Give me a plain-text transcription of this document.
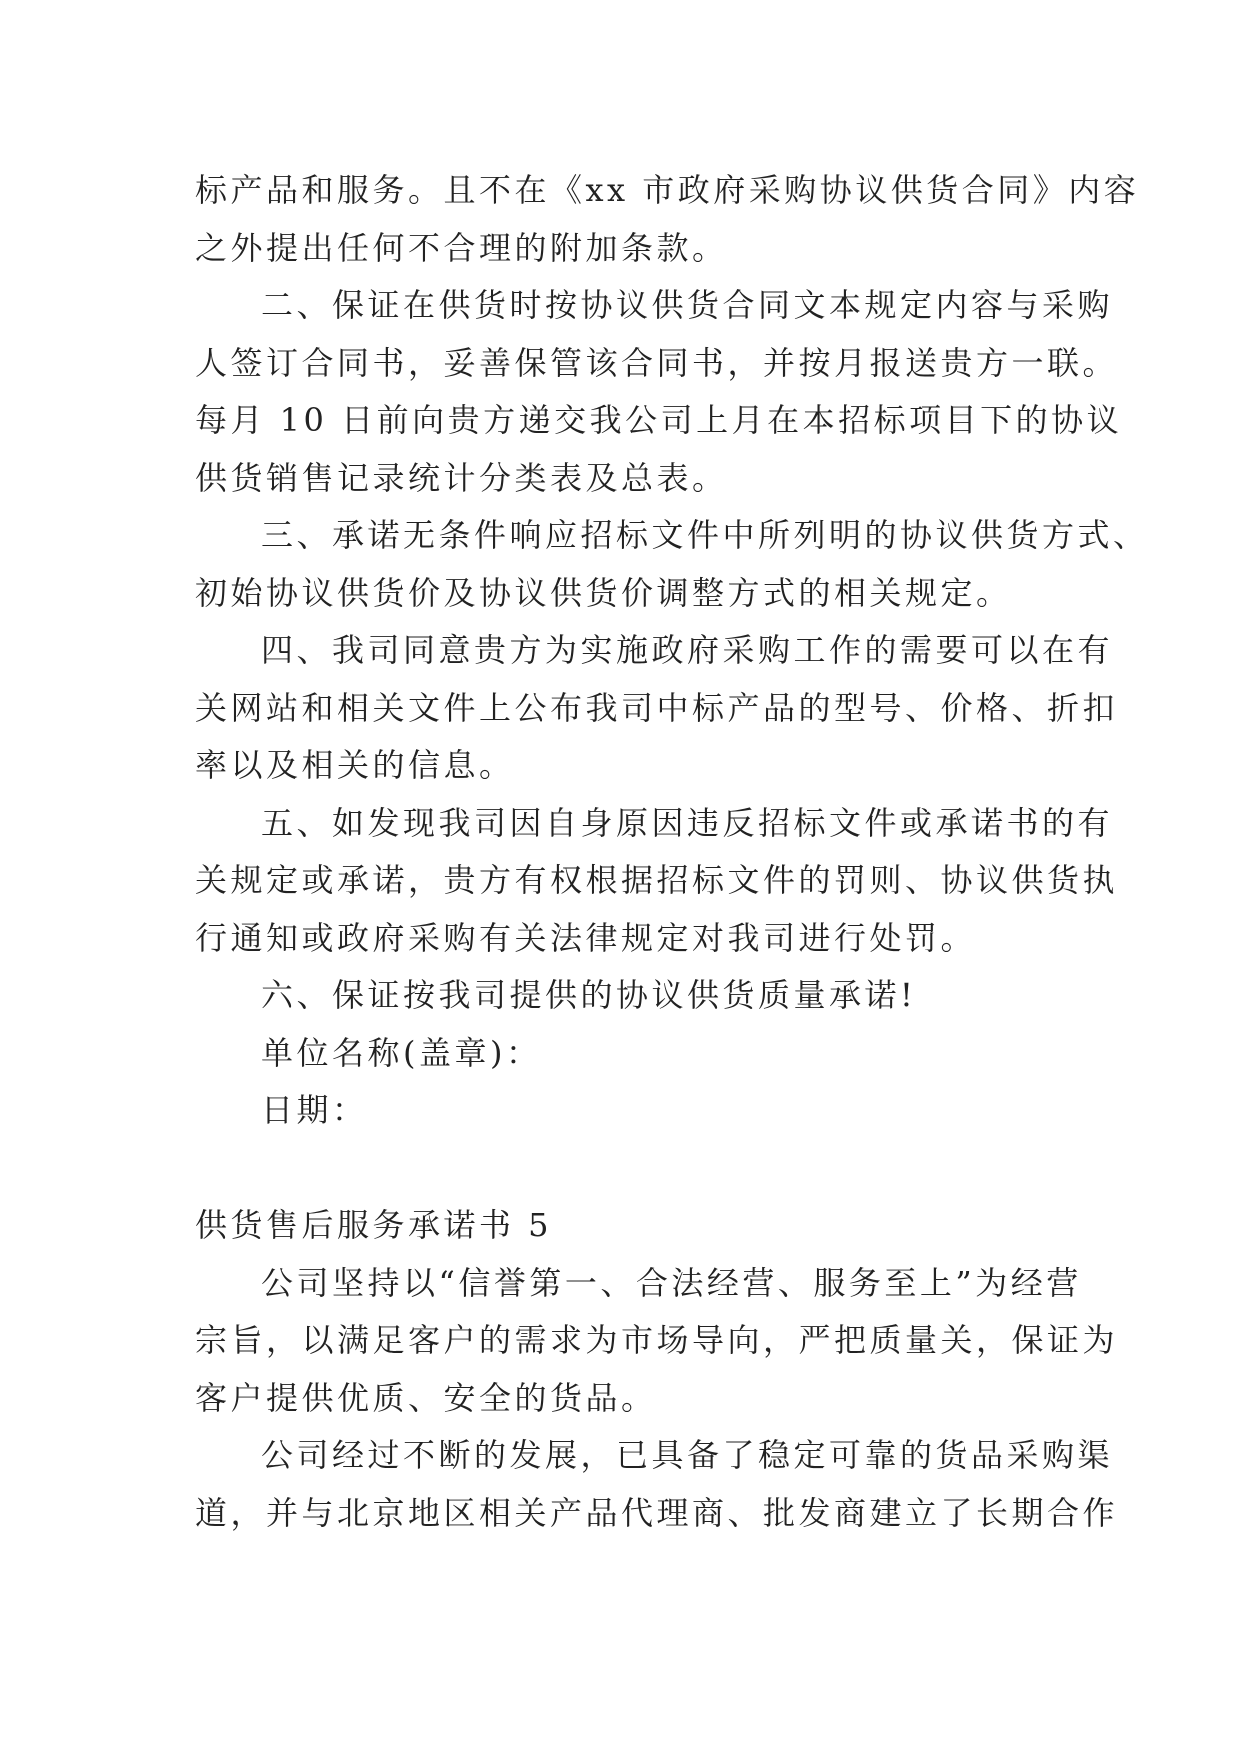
标产品和服务。且不在《xx 市政府采购协议供货合同》内容
之外提出任何不合理的附加条款。
二、保证在供货时按协议供货合同文本规定内容与采购
人签订合同书，妥善保管该合同书，并按月报送贵方一联。
每月 10 日前向贵方递交我公司上月在本招标项目下的协议
供货销售记录统计分类表及总表。
三、承诺无条件响应招标文件中所列明的协议供货方式、
初始协议供货价及协议供货价调整方式的相关规定。
四、我司同意贵方为实施政府采购工作的需要可以在有
关网站和相关文件上公布我司中标产品的型号、价格、折扣
率以及相关的信息。
五、如发现我司因自身原因违反招标文件或承诺书的有
关规定或承诺，贵方有权根据招标文件的罚则、协议供货执
行通知或政府采购有关法律规定对我司进行处罚。
六、保证按我司提供的协议供货质量承诺!
单位名称(盖章)：
日期：
供货售后服务承诺书 5
公司坚持以“信誉第一、合法经营、服务至上”为经营
宗旨，以满足客户的需求为市场导向，严把质量关，保证为
客户提供优质、安全的货品。
公司经过不断的发展，已具备了稳定可靠的货品采购渠
道，并与北京地区相关产品代理商、批发商建立了长期合作
